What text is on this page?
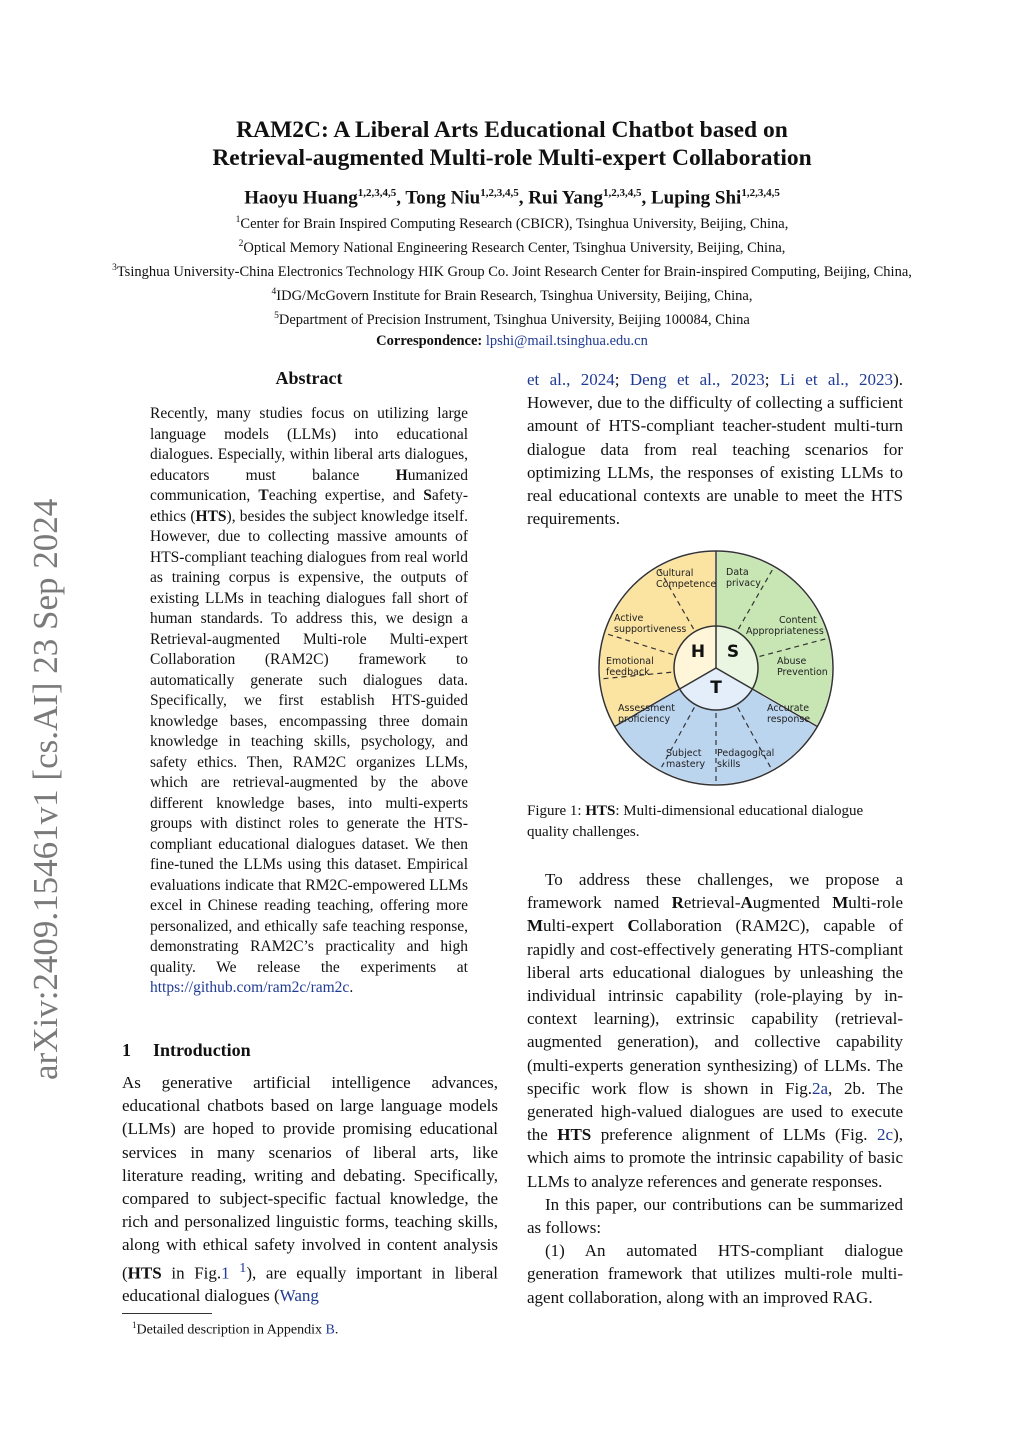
arXiv:2409.15461v1 [cs.AI] 23 Sep 2024
RAM2C: A Liberal Arts Educational Chatbot based on
Retrieval-augmented Multi-role Multi-expert Collaboration
Haoyu Huang$^{1,2,3,4,5}$, Tong Niu$^{1,2,3,4,5}$, Rui Yang$^{1,2,3,4,5}$, Luping Shi$^{1,2,3,4,5}$
$^1$Center for Brain Inspired Computing Research (CBICR), Tsinghua University, Beijing, China,
$^2$Optical Memory National Engineering Research Center, Tsinghua University, Beijing, China,
$^3$Tsinghua University-China Electronics Technology HIK Group Co. Joint Research Center for Brain-inspired Computing, Beijing, China,
$^4$IDG/McGovern Institute for Brain Research, Tsinghua University, Beijing, China,
$^5$Department of Precision Instrument, Tsinghua University, Beijing 100084, China
Correspondence: lpshi@mail.tsinghua.edu.cn
Abstract
Recently, many studies focus on utilizing large language models (LLMs) into educational dialogues. Especially, within liberal arts dialogues, educators must balance Humanized communication, Teaching expertise, and Safety-ethics (HTS), besides the subject knowledge itself. However, due to collecting massive amounts of HTS-compliant teaching dialogues from real world as training corpus is expensive, the outputs of existing LLMs in teaching dialogues fall short of human standards. To address this, we design a Retrieval-augmented Multi-role Multi-expert Collaboration (RAM2C) framework to automatically generate such dialogues data. Specifically, we first establish HTS-guided knowledge bases, encompassing three domain knowledge in teaching skills, psychology, and safety ethics. Then, RAM2C organizes LLMs, which are retrieval-augmented by the above different knowledge bases, into multi-experts groups with distinct roles to generate the HTS-compliant educational dialogues dataset. We then fine-tuned the LLMs using this dataset. Empirical evaluations indicate that RM2C-empowered LLMs excel in Chinese reading teaching, offering more personalized, and ethically safe teaching response, demonstrating RAM2C’s practicality and high quality. We release the experiments at https://github.com/ram2c/ram2c.
1 Introduction
As generative artificial intelligence advances, educational chatbots based on large language models (LLMs) are hoped to provide promising educational services in many scenarios of liberal arts, like literature reading, writing and debating. Specifically, compared to subject-specific factual knowledge, the rich and personalized linguistic forms, teaching skills, along with ethical safety involved in content analysis (HTS in Fig.1 $^1$), are equally important in liberal educational dialogues (Wang
$^1$Detailed description in Appendix B.
et al., 2024; Deng et al., 2023; Li et al., 2023). However, due to the difficulty of collecting a sufficient amount of HTS-compliant teacher-student multi-turn dialogue data from real teaching scenarios for optimizing LLMs, the responses of existing LLMs to real educational contexts are unable to meet the HTS requirements.
H S
T
Cultural Competence
Data privacy
Content Appropriateness
Abuse Prevention
Accurate response
Pedagogical skills
Subject mastery
Assessment proficiency
Emotional feedback
Active supportiveness
Figure 1: HTS: Multi-dimensional educational dialogue quality challenges.

To address these challenges, we propose a framework named Retrieval-Augmented Multi-role Multi-expert Collaboration (RAM2C), capable of rapidly and cost-effectively generating HTS-compliant liberal arts educational dialogues by unleashing the individual intrinsic capability (role-playing by in-context learning), extrinsic capability (retrieval-augmented generation), and collective capability (multi-experts generation synthesizing) of LLMs. The specific work flow is shown in Fig.2a, 2b. The generated high-valued dialogues are used to execute the HTS preference alignment of LLMs (Fig. 2c), which aims to promote the intrinsic capability of basic LLMs to analyze references and generate responses.

In this paper, our contributions can be summarized as follows:

(1) An automated HTS-compliant dialogue generation framework that utilizes multi-role multi-agent collaboration, along with an improved RAG.
